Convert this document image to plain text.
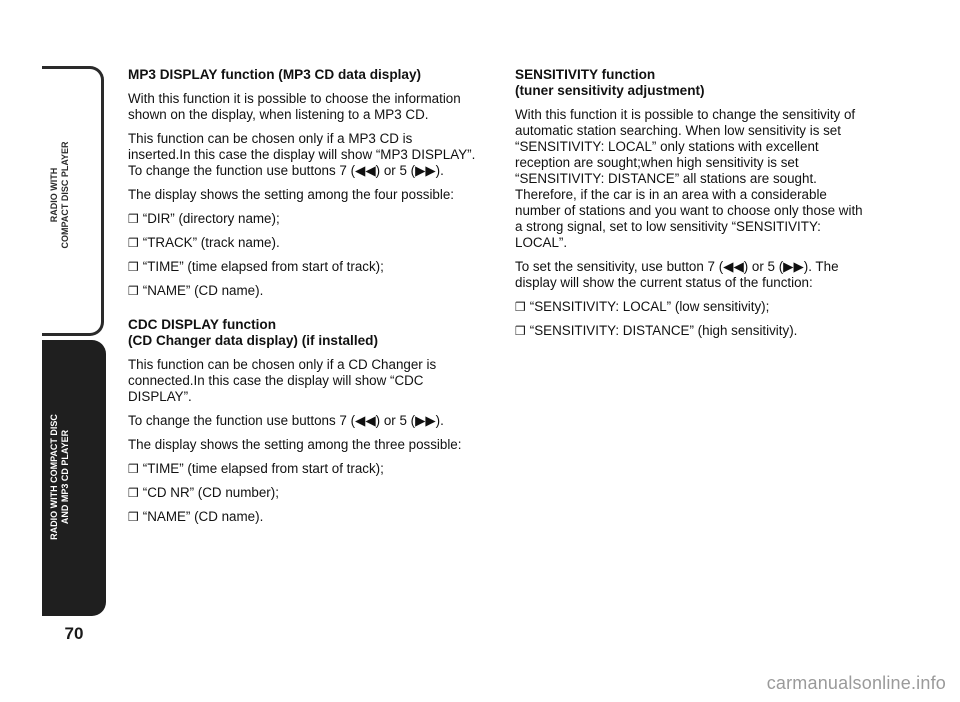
RADIO WITH COMPACT DISC PLAYER
RADIO WITH COMPACT DISC AND MP3 CD PLAYER
70
MP3 DISPLAY function (MP3 CD data display)

With this function it is possible to choose the information shown on the display, when listening to a MP3 CD.

This function can be chosen only if a MP3 CD is inserted.In this case the display will show “MP3 DISPLAY”. To change the function use buttons 7 (◀◀) or 5 (▶▶).

The display shows the setting among the four possible:

❒ “DIR” (directory name);
❒ “TRACK” (track name).
❒ “TIME” (time elapsed from start of track);
❒ “NAME” (CD name).
CDC DISPLAY function
(CD Changer data display) (if installed)

This function can be chosen only if a CD Changer is connected.In this case the display will show “CDC DISPLAY”.

To change the function use buttons 7 (◀◀) or 5 (▶▶).

The display shows the setting among the three possible:

❒ “TIME” (time elapsed from start of track);
❒ “CD NR” (CD number);
❒ “NAME” (CD name).
SENSITIVITY function
(tuner sensitivity adjustment)

With this function it is possible to change the sensitivity of automatic station searching. When low sensitivity is set “SENSITIVITY: LOCAL” only stations with excellent reception are sought;when high sensitivity is set “SENSITIVITY: DISTANCE” all stations are sought. Therefore, if the car is in an area with a considerable number of stations and you want to choose only those with a strong signal, set to low sensitivity “SENSITIVITY: LOCAL”.

To set the sensitivity, use button 7 (◀◀) or 5 (▶▶). The display will show the current status of the function:

❒ “SENSITIVITY: LOCAL” (low sensitivity);
❒ “SENSITIVITY: DISTANCE” (high sensitivity).
carmanualsonline.info
